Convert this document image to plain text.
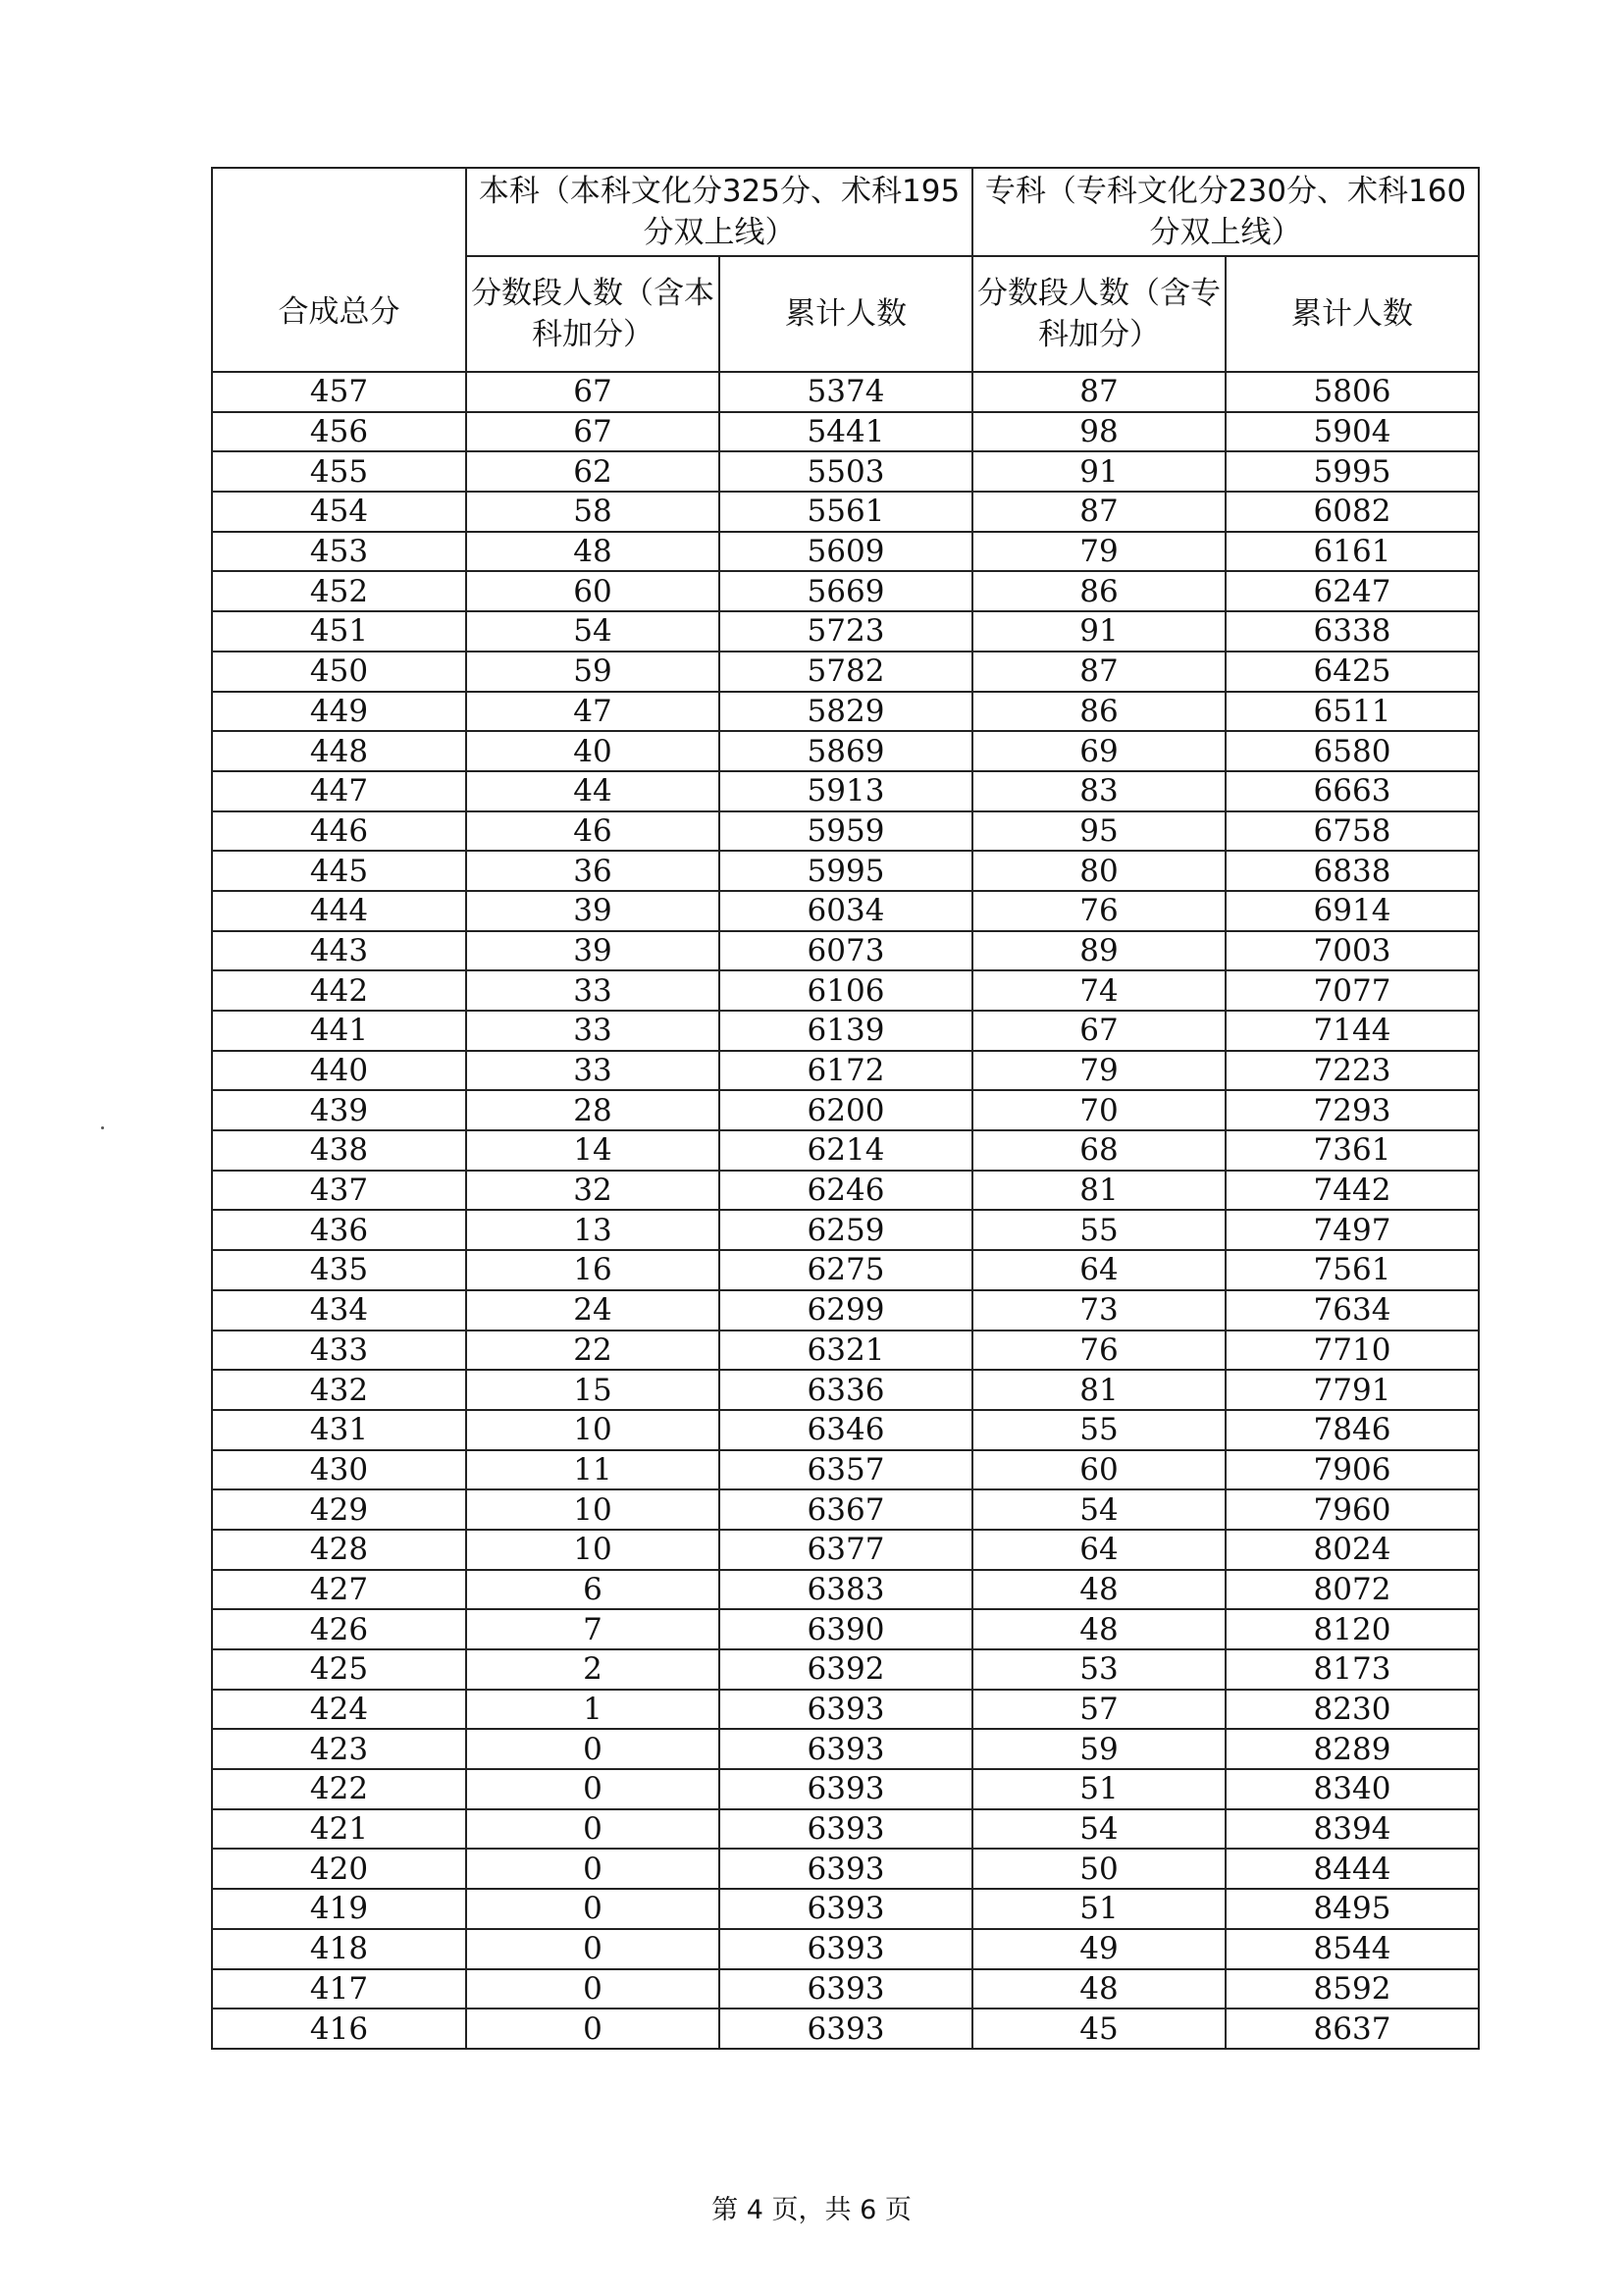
合成总分	本科（本科文化分325分、术科195分双上线）		专科（专科文化分230分、术科160分双上线）	

	分数段人数（含本科加分）	累计人数	分数段人数（含专科加分）	累计人数
457	67	5374	87	5806
456	67	5441	98	5904
455	62	5503	91	5995
454	58	5561	87	6082
453	48	5609	79	6161
452	60	5669	86	6247
451	54	5723	91	6338
450	59	5782	87	6425
449	47	5829	86	6511
448	40	5869	69	6580
447	44	5913	83	6663
446	46	5959	95	6758
445	36	5995	80	6838
444	39	6034	76	6914
443	39	6073	89	7003
442	33	6106	74	7077
441	33	6139	67	7144
440	33	6172	79	7223
439	28	6200	70	7293
438	14	6214	68	7361
437	32	6246	81	7442
436	13	6259	55	7497
435	16	6275	64	7561
434	24	6299	73	7634
433	22	6321	76	7710
432	15	6336	81	7791
431	10	6346	55	7846
430	11	6357	60	7906
429	10	6367	54	7960
428	10	6377	64	8024
427	6	6383	48	8072
426	7	6390	48	8120
425	2	6392	53	8173
424	1	6393	57	8230
423	0	6393	59	8289
422	0	6393	51	8340
421	0	6393	54	8394
420	0	6393	50	8444
419	0	6393	51	8495
418	0	6393	49	8544
417	0	6393	48	8592
416	0	6393	45	8637
第 4 页，共 6 页
